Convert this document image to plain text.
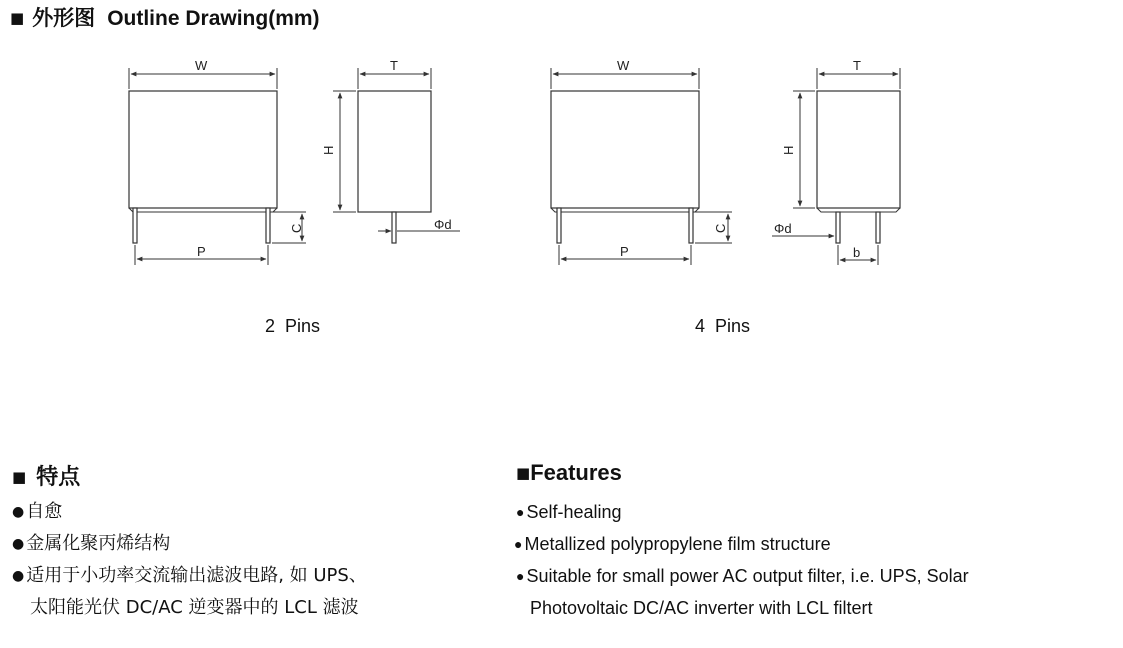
■ 外形图 Outline Drawing(mm)
W
P
C
T
H
Φd
W
P
C
T
H
Φd
b
2  Pins	4  Pins
■ 特点
● 自愈
● 金属化聚丙烯结构
● 适用于小功率交流输出滤波电路, 如 UPS、
太阳能光伏 DC/AC 逆变器中的 LCL 滤波
■Features
● Self-healing
● Metallized polypropylene film structure
● Suitable for small power AC output filter, i.e. UPS, Solar
Photovoltaic DC/AC inverter with LCL filtert
